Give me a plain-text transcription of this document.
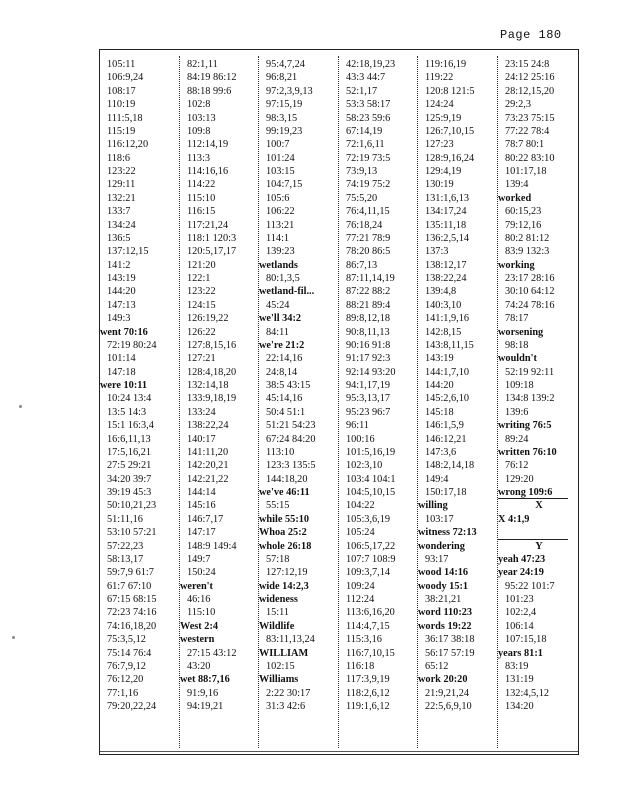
Page 180
105:11
106:9,24
108:17
110:19
111:5,18
115:19
116:12,20
118:6
123:22
129:11
132:21
133:7
134:24
136:5
137:12,15
141:2
143:19
144:20
147:13
149:3
went 70:16
72:19 80:24
101:14
147:18
were 10:11
10:24 13:4
13:5 14:3
15:1 16:3,4
16:6,11,13
17:5,16,21
27:5 29:21
34:20 39:7
39:19 45:3
50:10,21,23
51:11,16
53:10 57:21
57:22,23
58:13,17
59:7,9 61:7
61:7 67:10
67:15 68:15
72:23 74:16
74:16,18,20
75:3,5,12
75:14 76:4
76:7,9,12
76:12,20
77:1,16
79:20,22,24
82:1,11
84:19 86:12
88:18 99:6
102:8
103:13
109:8
112:14,19
113:3
114:16,16
114:22
115:10
116:15
117:21,24
118:1 120:3
120:5,17,17
121:20
122:1
123:22
124:15
126:19,22
126:22
127:8,15,16
127:21
128:4,18,20
132:14,18
133:9,18,19
133:24
138:22,24
140:17
141:11,20
142:20,21
142:21,22
144:14
145:16
146:7,17
147:17
148:9 149:4
149:7
150:24
weren't
46:16
115:10
West 2:4
western
27:15 43:12
43:20
wet 88:7,16
91:9,16
94:19,21
95:4,7,24
96:8,21
97:2,3,9,13
97:15,19
98:3,15
99:19,23
100:7
101:24
103:15
104:7,15
105:6
106:22
113:21
114:1
139:23
wetlands
80:1,3,5
wetland-fil...
45:24
we'll 34:2
84:11
we're 21:2
22:14,16
24:8,14
38:5 43:15
45:14,16
50:4 51:1
51:21 54:23
67:24 84:20
113:10
123:3 135:5
144:18,20
we've 46:11
55:15
while 55:10
Whoa 25:2
whole 26:18
57:18
127:12,19
wide 14:2,3
wideness
15:11
Wildlife
83:11,13,24
WILLIAM
102:15
Williams
2:22 30:17
31:3 42:6
42:18,19,23
43:3 44:7
52:1,17
53:3 58:17
58:23 59:6
67:14,19
72:1,6,11
72:19 73:5
73:9,13
74:19 75:2
75:5,20
76:4,11,15
76:18,24
77:21 78:9
78:20 86:5
86:7,13
87:11,14,19
87:22 88:2
88:21 89:4
89:8,12,18
90:8,11,13
90:16 91:8
91:17 92:3
92:14 93:20
94:1,17,19
95:3,13,17
95:23 96:7
96:11
100:16
101:5,16,19
102:3,10
103:4 104:1
104:5,10,15
104:22
105:3,6,19
105:24
106:5,17,22
107:7 108:9
109:3,7,14
109:24
112:24
113:6,16,20
114:4,7,15
115:3,16
116:7,10,15
116:18
117:3,9,19
118:2,6,12
119:1,6,12
119:16,19
119:22
120:8 121:5
124:24
125:9,19
126:7,10,15
127:23
128:9,16,24
129:4,19
130:19
131:1,6,13
134:17,24
135:11,18
136:2,5,14
137:3
138:12,17
138:22,24
139:4,8
140:3,10
141:1,9,16
142:8,15
143:8,11,15
143:19
144:1,7,10
144:20
145:2,6,10
145:18
146:1,5,9
146:12,21
147:3,6
148:2,14,18
149:4
150:17,18
willing
103:17
witness 72:13
wondering
93:17
wood 14:16
woody 15:1
38:21,21
word 110:23
words 19:22
36:17 38:18
56:17 57:19
65:12
work 20:20
21:9,21,24
22:5,6,9,10
23:15 24:8
24:12 25:16
28:12,15,20
29:2,3
73:23 75:15
77:22 78:4
78:7 80:1
80:22 83:10
101:17,18
139:4
worked
60:15,23
79:12,16
80:2 81:12
83:9 132:3
working
23:17 28:16
30:10 64:12
74:24 78:16
78:17
worsening
98:18
wouldn't
52:19 92:11
109:18
134:8 139:2
139:6
writing 76:5
89:24
written 76:10
76:12
129:20
wrong 109:6
X
X 4:1,9
Y
yeah 47:23
year 24:19
95:22 101:7
101:23
102:2,4
106:14
107:15,18
years 81:1
83:19
131:19
132:4,5,12
134:20
